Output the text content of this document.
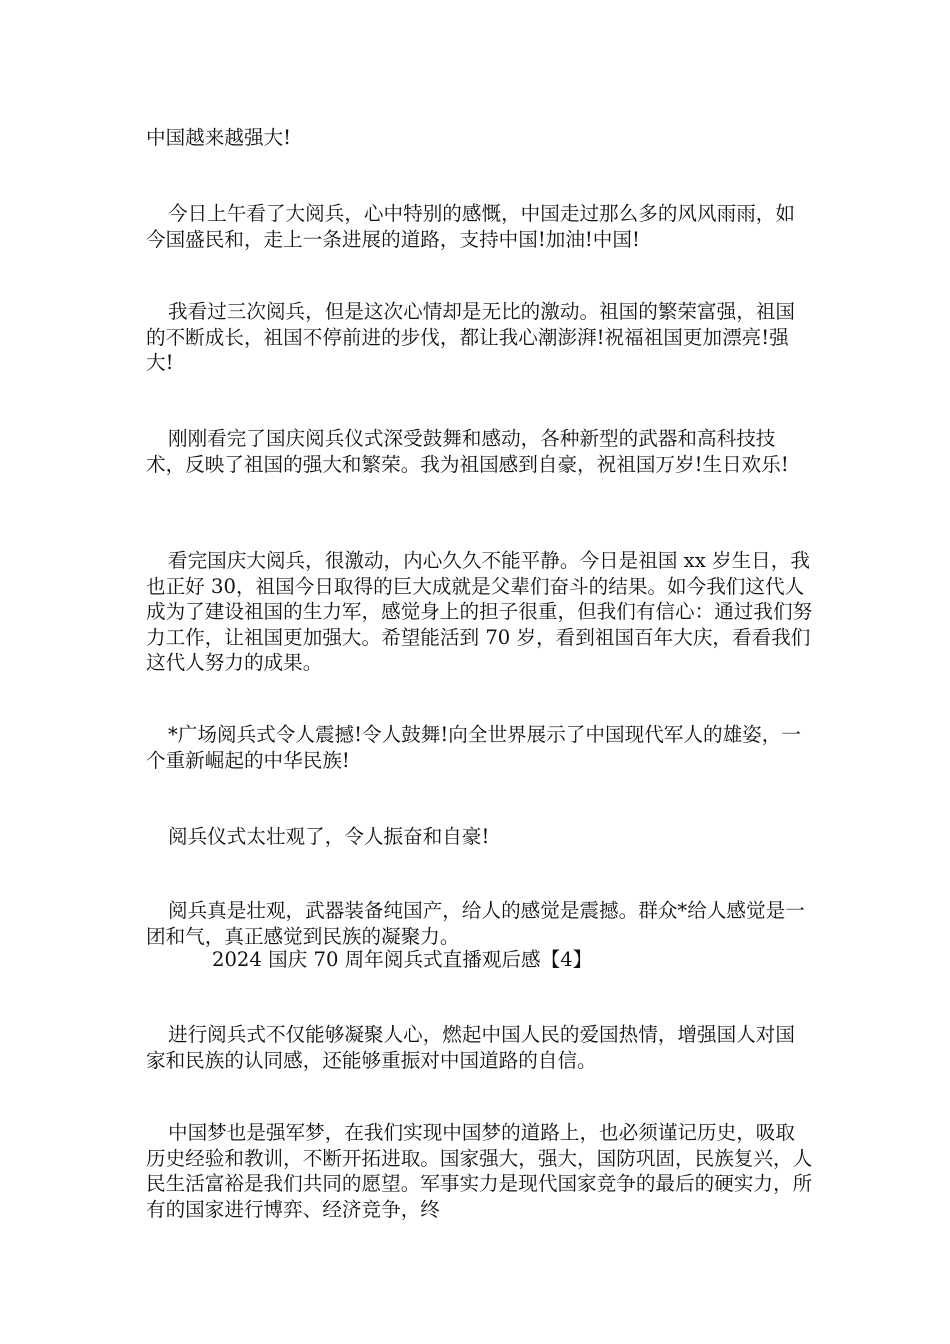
中国越来越强大!
今日上午看了大阅兵，心中特别的感慨，中国走过那么多的风风雨雨，如今国盛民和，走上一条进展的道路，支持中国!加油!中国!
我看过三次阅兵，但是这次心情却是无比的激动。祖国的繁荣富强，祖国的不断成长，祖国不停前进的步伐，都让我心潮澎湃!祝福祖国更加漂亮!强大!
刚刚看完了国庆阅兵仪式深受鼓舞和感动，各种新型的武器和高科技技术，反映了祖国的强大和繁荣。我为祖国感到自豪，祝祖国万岁!生日欢乐!
看完国庆大阅兵，很激动，内心久久不能平静。今日是祖国 xx 岁生日，我也正好 30，祖国今日取得的巨大成就是父辈们奋斗的结果。如今我们这代人成为了建设祖国的生力军，感觉身上的担子很重，但我们有信心：通过我们努力工作，让祖国更加强大。希望能活到 70 岁，看到祖国百年大庆，看看我们这代人努力的成果。
*广场阅兵式令人震撼!令人鼓舞!向全世界展示了中国现代军人的雄姿，一个重新崛起的中华民族!
阅兵仪式太壮观了，令人振奋和自豪!
阅兵真是壮观，武器装备纯国产，给人的感觉是震撼。群众*给人感觉是一团和气，真正感觉到民族的凝聚力。
2024 国庆 70 周年阅兵式直播观后感【4】
进行阅兵式不仅能够凝聚人心，燃起中国人民的爱国热情，增强国人对国家和民族的认同感，还能够重振对中国道路的自信。
中国梦也是强军梦，在我们实现中国梦的道路上，也必须谨记历史，吸取历史经验和教训，不断开拓进取。国家强大，强大，国防巩固，民族复兴，人民生活富裕是我们共同的愿望。军事实力是现代国家竞争的最后的硬实力，所有的国家进行博弈、经济竞争，终
